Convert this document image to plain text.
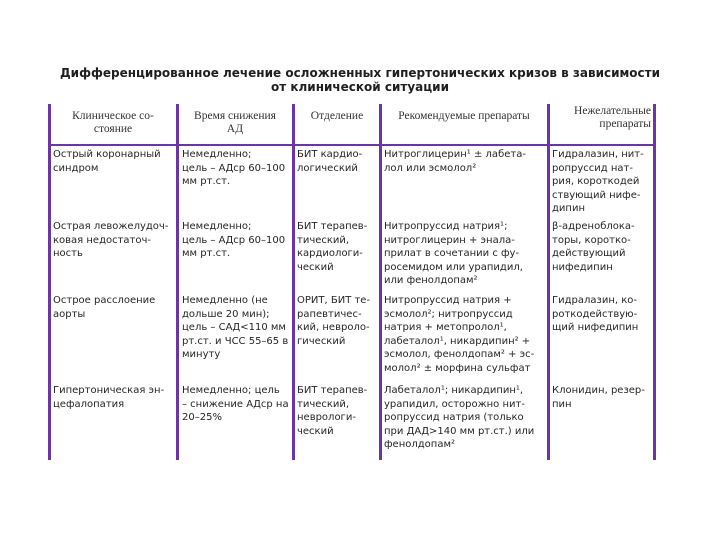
Дифференцированное лечение осложненных гипертонических кризов в зависимости
от клинической ситуации
Клиническое со-
стояние
Время снижения
АД
Отделение	Рекомендуемые препараты	Нежелательные
препараты
Острый коронарный
синдром
Немедленно;
цель – АДср 60–100
мм рт.ст.
БИТ кардио-
логический
Нитроглицерин¹ ± лабета-
лол или эсмолол²
Гидралазин, нит-
ропруссид нат-
рия, короткодей
ствующий нифе-
дипин
Острая левожелудоч-
ковая недостаточ-
ность
Немедленно;
цель – АДср 60–100
мм рт.ст.
БИТ терапев-
тический,
кардиологи-
ческий
Нитропруссид натрия¹;
нитроглицерин + эналa-
прилат в сочетании с фу-
росемидом или урапидил,
или фенолдопам²
β-адреноблока-
торы, коротко-
действующий
нифедипин
Острое расслоение
аорты
Немедленно (не
дольше 20 мин);
цель – САД<110 мм
рт.ст. и ЧСС 55–65 в
минуту
ОРИТ, БИТ те-
рапевтичес-
кий, невроло-
гический
Нитропруссид натрия +
эсмолол²; нитропруссид
натрия + метопролол¹,
лабеталол¹, никардипин² +
эсмолол, фенолдопам² + эс-
молол² ± морфина сульфат
Гидралазин, ко-
роткодействую-
щий нифедипин
Гипертоническая эн-
цефалопатия
Немедленно; цель
– снижение АДср на
20–25%
БИТ терапев-
тический,
неврологи-
ческий
Лабеталол¹; никардипин¹,
урапидил, осторожно нит-
ропруссид натрия (только
при ДАД>140 мм рт.ст.) или
фенолдопам²
Клонидин, резер-
пин
